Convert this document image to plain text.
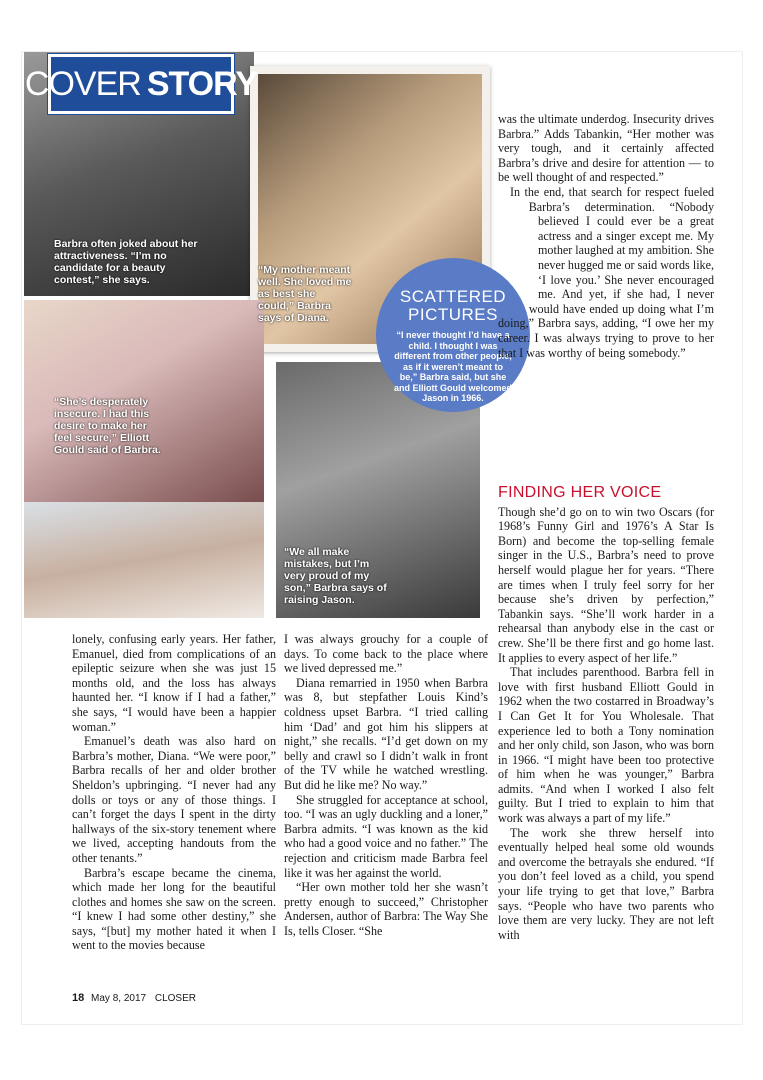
COVER STORY
Barbra often joked about her attractiveness. “I’m no candidate for a beauty contest,” she says.
“My mother meant well. She loved me as best she could,” Barbra says of Diana.
“She’s desperately insecure. I had this desire to make her feel secure,” Elliott Gould said of Barbra.
“We all make mistakes, but I’m very proud of my son,” Barbra says of raising Jason.
SCATTERED PICTURES
“I never thought I’d have a child. I thought I was different from other people, as if it weren’t meant to be,” Barbra said, but she and Elliott Gould welcomed Jason in 1966.

lonely, confusing early years. Her father, Emanuel, died from complications of an epileptic seizure when she was just 15 months old, and the loss has always haunted her. “I know if I had a father,” she says, “I would have been a happier woman.”

Emanuel’s death was also hard on Barbra’s mother, Diana. “We were poor,” Barbra recalls of her and older brother Sheldon’s upbringing. “I never had any dolls or toys or any of those things. I can’t forget the days I spent in the dirty hallways of the six-story tenement where we lived, accepting handouts from the other tenants.”

Barbra’s escape became the cinema, which made her long for the beautiful clothes and homes she saw on the screen. “I knew I had some other destiny,” she says, “[but] my mother hated it when I went to the movies because

I was always grouchy for a couple of days. To come back to the place where we lived depressed me.”

Diana remarried in 1950 when Barbra was 8, but stepfather Louis Kind’s coldness upset Barbra. “I tried calling him ‘Dad’ and got him his slippers at night,” she recalls. “I’d get down on my belly and crawl so I didn’t walk in front of the TV while he watched wrestling. But did he like me? No way.”

She struggled for acceptance at school, too. “I was an ugly duckling and a loner,” Barbra admits. “I was known as the kid who had a good voice and no father.” The rejection and criticism made Barbra feel like it was her against the world.

“Her own mother told her she wasn’t pretty enough to succeed,” Christopher Andersen, author of Barbra: The Way She Is, tells Closer. “She

was the ultimate underdog. Insecurity drives Barbra.” Adds Tabankin, “Her mother was very tough, and it certainly affected Barbra’s drive and desire for attention — to be well thought of and respected.”

In the end, that search for respect fueled Barbra’s determination. “Nobody believed I could ever be a great actress and a singer except me. My mother laughed at my ambition. She never hugged me or said words like, ‘I love you.’ She never encouraged me. And yet, if she had, I never would have ended up doing what I’m doing,” Barbra says, adding, “I owe her my career. I was always trying to prove to her that I was worthy of being somebody.”

FINDING HER VOICE

Though she’d go on to win two Oscars (for 1968’s Funny Girl and 1976’s A Star Is Born) and become the top-selling female singer in the U.S., Barbra’s need to prove herself would plague her for years. “There are times when I truly feel sorry for her because she’s driven by perfection,” Tabankin says. “She’ll work harder in a rehearsal than anybody else in the cast or crew. She’ll be there first and go home last. It applies to every aspect of her life.”

That includes parenthood. Barbra fell in love with first husband Elliott Gould in 1962 when the two costarred in Broadway’s I Can Get It for You Wholesale. That experience led to both a Tony nomination and her only child, son Jason, who was born in 1966. “I might have been too protective of him when he was younger,” Barbra admits. “And when I worked I also felt guilty. But I tried to explain to him that work was always a part of my life.”

The work she threw herself into eventually helped heal some old wounds and overcome the betrayals she endured. “If you don’t feel loved as a child, you spend your life trying to get that love,” Barbra says. “People who have two parents who love them are very lucky. They are not left with

18 May 8, 2017 CLOSER
